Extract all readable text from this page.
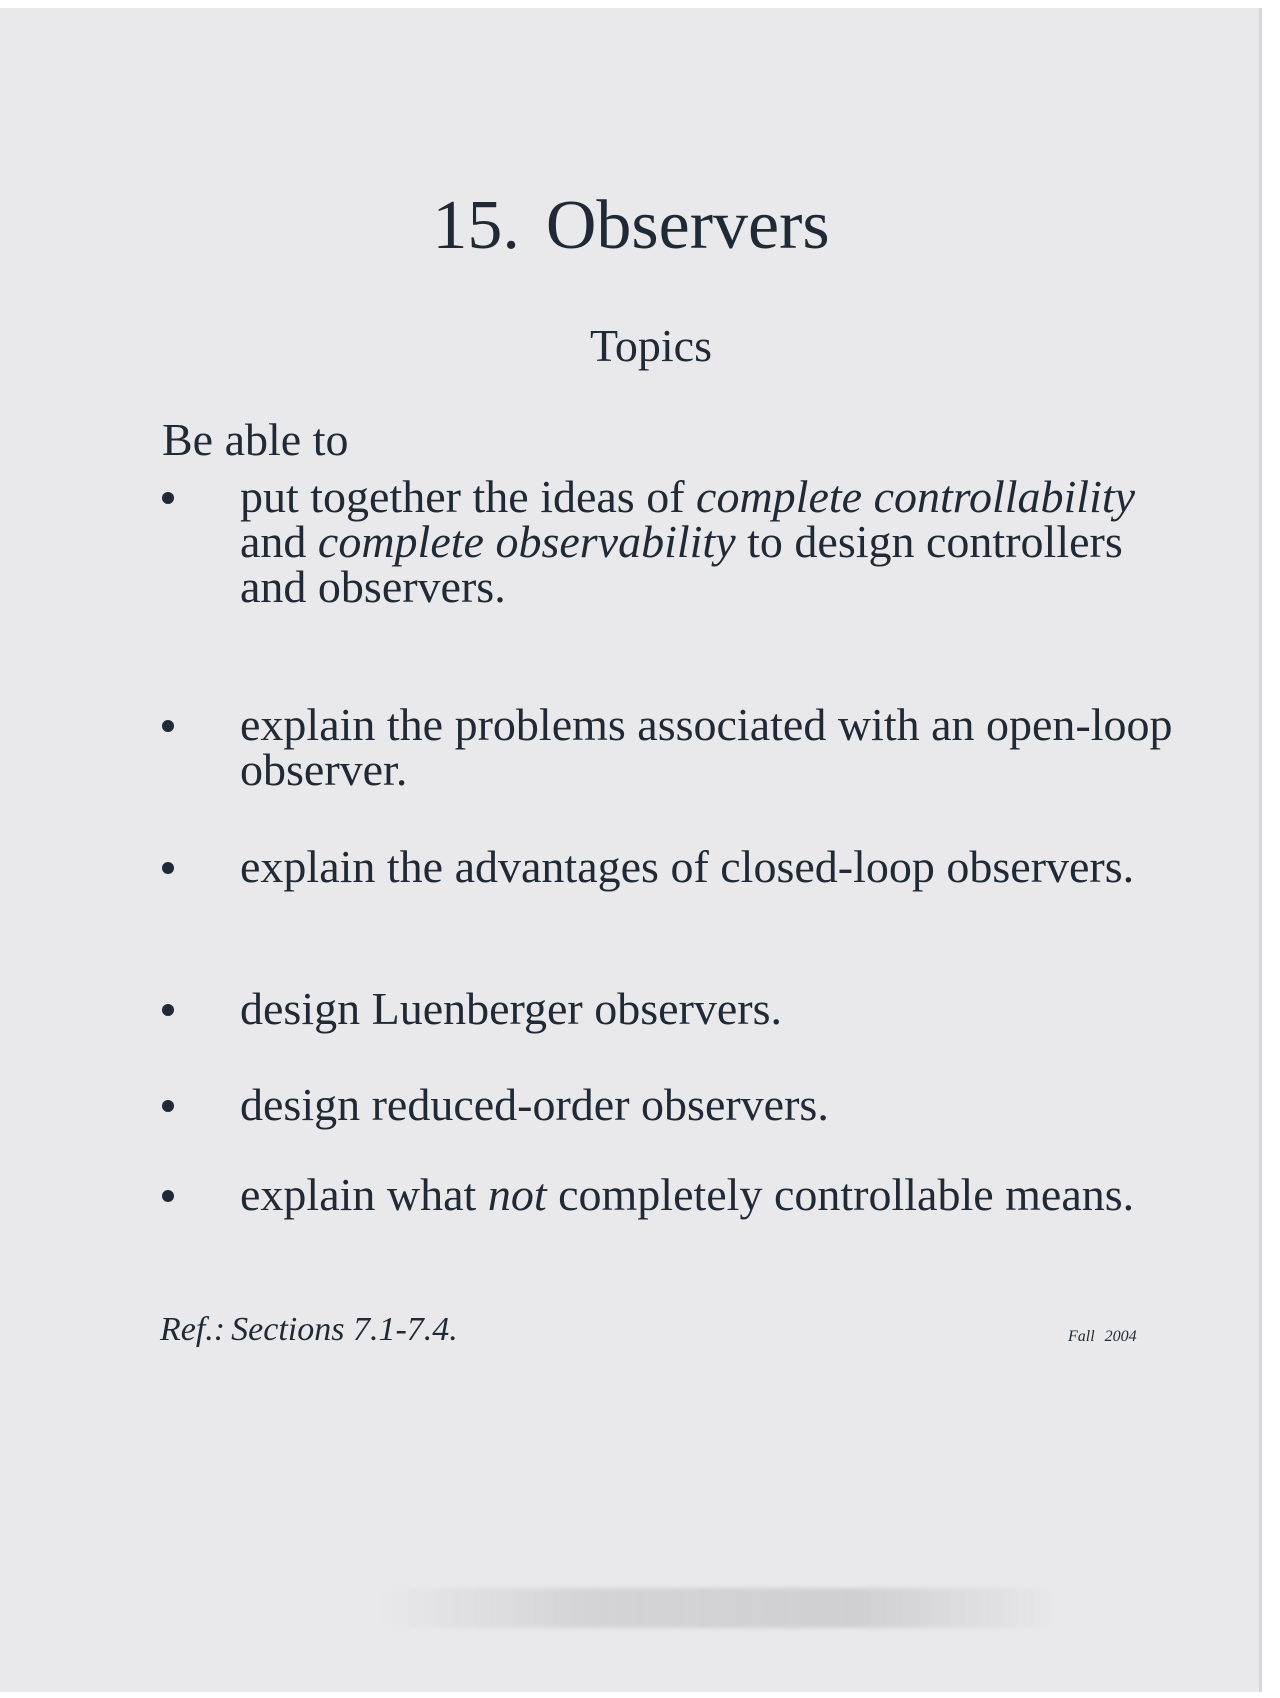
15. Observers
Topics

Be able to

put together the ideas of complete controllability and complete observability to design controllers and observers.
explain the problems associated with an open-loop observer.
explain the advantages of closed-loop observers.
design Luenberger observers.
design reduced-order observers.
explain what not completely controllable means.
Ref.: Sections 7.1-7.4.	Fall 2004
